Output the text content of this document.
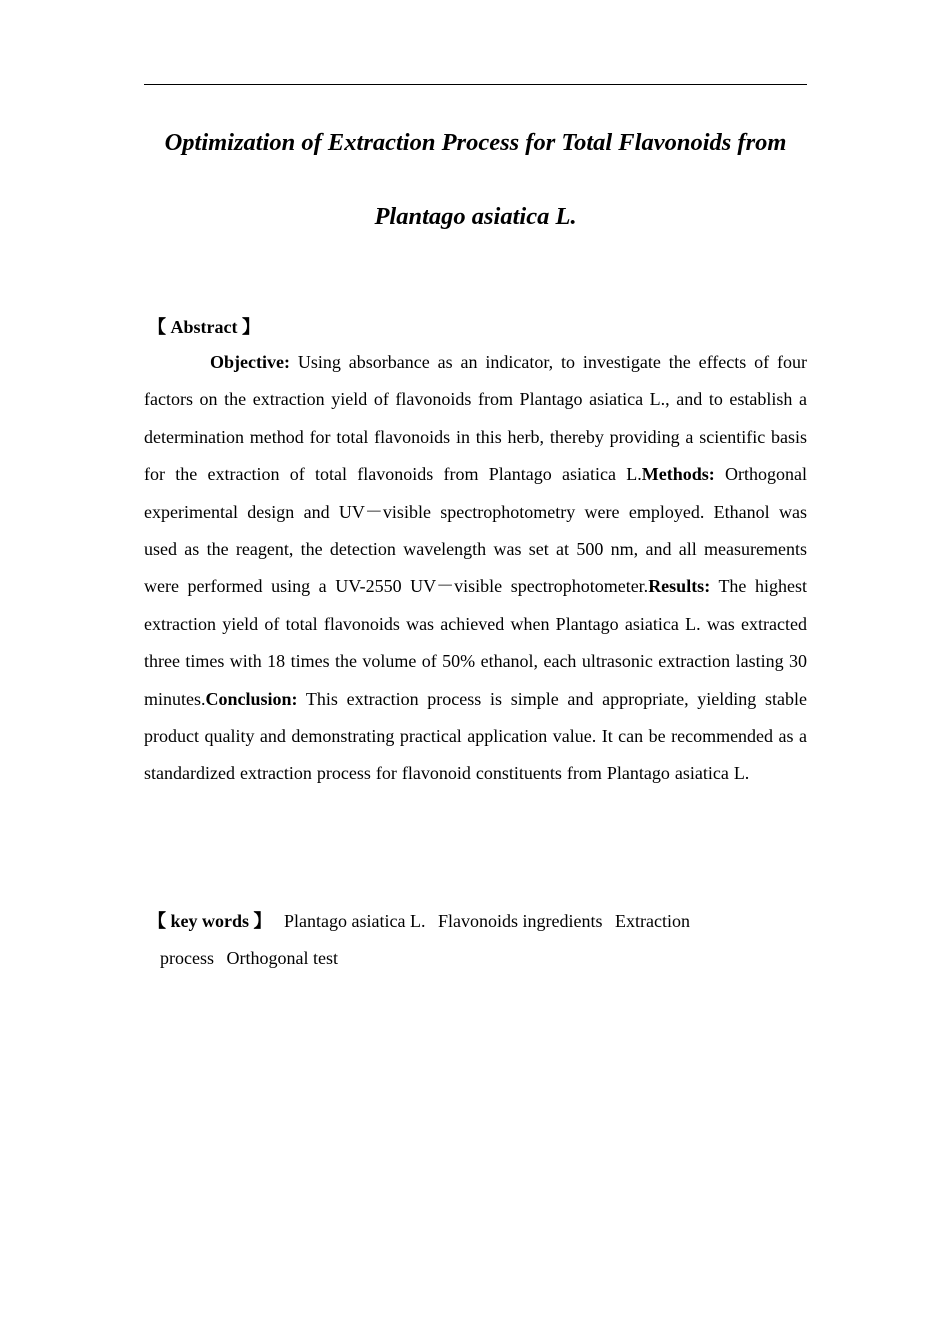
Optimization of Extraction Process for Total Flavonoids from
Plantago asiatica L.
【 Abstract 】

Objective: Using absorbance as an indicator, to investigate the effects of four factors on the extraction yield of flavonoids from Plantago asiatica L., and to establish a determination method for total flavonoids in this herb, thereby providing a scientific basis for the extraction of total flavonoids from Plantago asiatica L.Methods: Orthogonal experimental design and UV－visible spectrophotometry were employed. Ethanol was used as the reagent, the detection wavelength was set at 500 nm, and all measurements were performed using a UV-2550 UV－visible spectrophotometer.Results: The highest extraction yield of total flavonoids was achieved when Plantago asiatica L. was extracted three times with 18 times the volume of 50% ethanol, each ultrasonic extraction lasting 30 minutes.Conclusion: This extraction process is simple and appropriate, yielding stable product quality and demonstrating practical application value. It can be recommended as a standardized extraction process for flavonoid constituents from Plantago asiatica L.

【 key words 】 Plantago asiatica L. Flavonoids ingredients Extraction
process Orthogonal test
